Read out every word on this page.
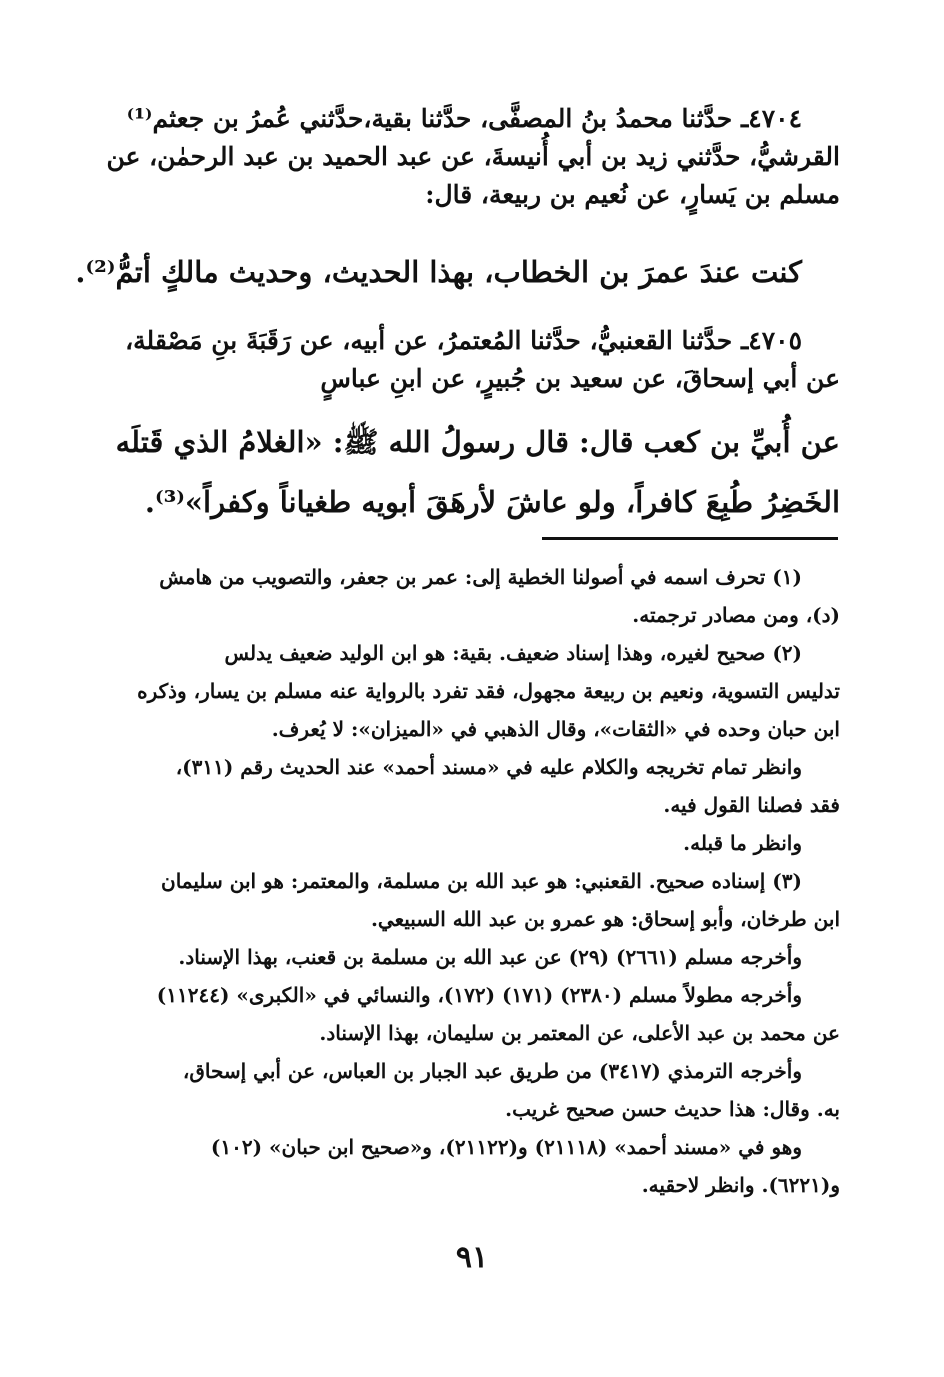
٤٧٠٤ـ حدَّثنا محمدُ بنُ المصفَّى، حدَّثنا بقية،حدَّثني عُمرُ بن جعثم⁽¹⁾
القرشيُّ، حدَّثني زيد بن أبي أُنيسةَ، عن عبد الحميد بن عبد الرحمٰن، عن
مسلم بن يَسارٍ، عن نُعيم بن ربيعة، قال:
كنت عندَ عمرَ بن الخطاب، بهذا الحديث، وحديث مالكٍ أتمُّ⁽²⁾.
٤٧٠٥ـ حدَّثنا القعنبيُّ، حدَّثنا المُعتمرُ، عن أبيه، عن رَقَبَةَ بنِ مَصْقلة،
عن أبي إسحاقَ، عن سعيد بن جُبيرٍ، عن ابنِ عباسٍ
عن أُبيِّ بن كعب قال: قال رسولُ الله ﷺ: «الغلامُ الذي قَتلَه
الخَضِرُ طُبِعَ كافراً، ولو عاشَ لأرهَقَ أبويه طغياناً وكفراً»⁽³⁾.
(١) تحرف اسمه في أصولنا الخطية إلى: عمر بن جعفر، والتصويب من هامش
(د)، ومن مصادر ترجمته.
(٢) صحيح لغيره، وهذا إسناد ضعيف. بقية: هو ابن الوليد ضعيف يدلس
تدليس التسوية، ونعيم بن ربيعة مجهول، فقد تفرد بالرواية عنه مسلم بن يسار، وذكره
ابن حبان وحده في «الثقات»، وقال الذهبي في «الميزان»: لا يُعرف.
وانظر تمام تخريجه والكلام عليه في «مسند أحمد» عند الحديث رقم (٣١١)،
فقد فصلنا القول فيه.
وانظر ما قبله.
(٣) إسناده صحيح. القعنبي: هو عبد الله بن مسلمة، والمعتمر: هو ابن سليمان
ابن طرخان، وأبو إسحاق: هو عمرو بن عبد الله السبيعي.
وأخرجه مسلم (٢٦٦١) (٢٩) عن عبد الله بن مسلمة بن قعنب، بهذا الإسناد.
وأخرجه مطولاً مسلم (٢٣٨٠) (١٧١) (١٧٢)، والنسائي في «الكبرى» (١١٢٤٤)
عن محمد بن عبد الأعلى، عن المعتمر بن سليمان، بهذا الإسناد.
وأخرجه الترمذي (٣٤١٧) من طريق عبد الجبار بن العباس، عن أبي إسحاق،
به. وقال: هذا حديث حسن صحيح غريب.
وهو في «مسند أحمد» (٢١١١٨) و(٢١١٢٢)، و«صحيح ابن حبان» (١٠٢)
و(٦٢٢١). وانظر لاحقيه.
٩١
